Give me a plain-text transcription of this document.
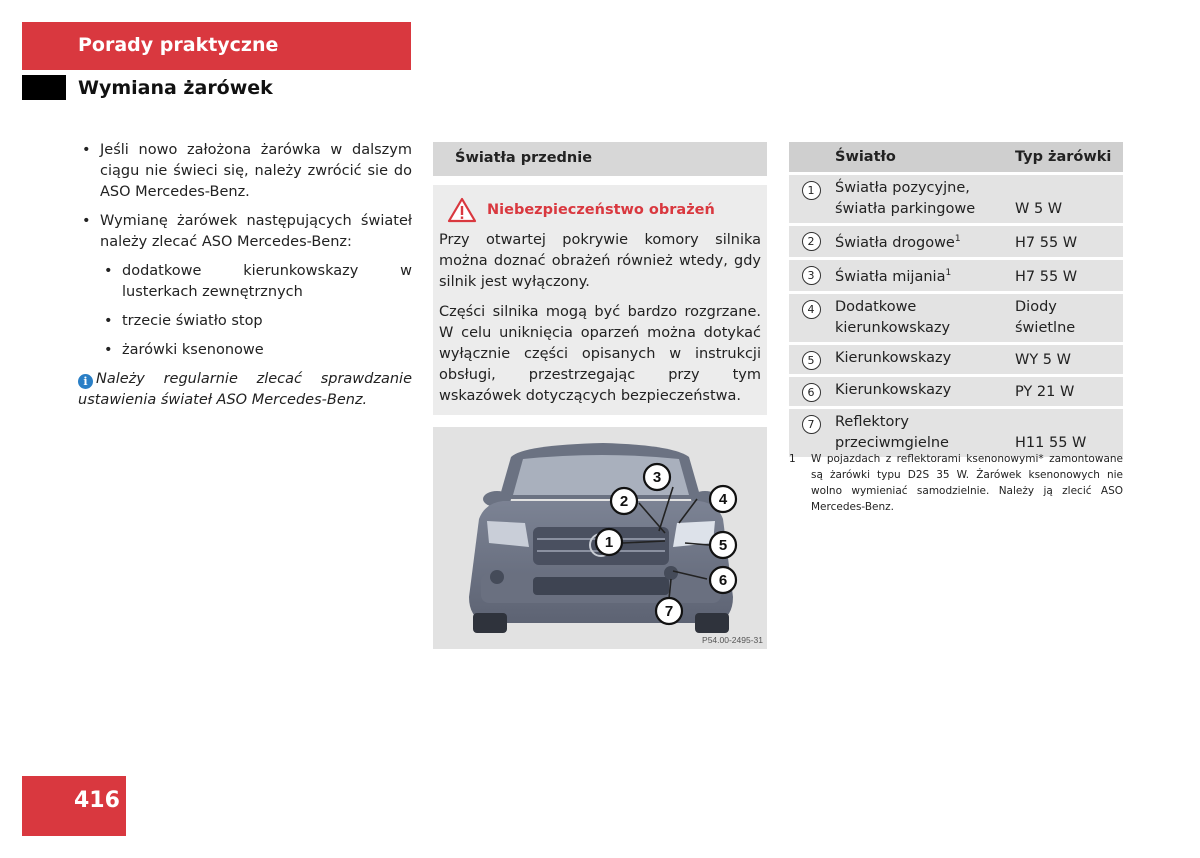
Porady praktyczne
Wymiana żarówek
• Jeśli nowo założona żarówka w dalszym ciągu nie świeci się, należy zwrócić sie do ASO Mercedes-Benz.
• Wymianę żarówek następujących świateł należy zlecać ASO Mercedes-Benz:
• dodatkowe kierunkowskazy w lusterkach zewnętrznych
• trzecie światło stop
• żarówki ksenonowe
i Należy regularnie zlecać sprawdzanie ustawienia świateł ASO Mercedes-Benz.
Światła przednie
Niebezpieczeństwo obrażeń

Przy otwartej pokrywie komory silnika można doznać obrażeń również wtedy, gdy silnik jest wyłączony.

Części silnika mogą być bardzo rozgrzane. W celu uniknięcia oparzeń można dotykać wyłącznie części opisanych w instrukcji obsługi, przestrzegając przy tym wskazówek dotyczących bezpieczeństwa.

3
2	4
1	5
6
7
P54.00-2495-31
	Światło	Typ żarówki
1	Światła pozycyjne, światła parkingowe	W 5 W
2	Światła drogowe$^1$	H7 55 W
3	Światła mijania$^1$	H7 55 W
4	Dodatkowe kierunkowskazy	Diody świetlne
5	Kierunkowskazy	WY 5 W
6	Kierunkowskazy	PY 21 W
7	Reflektory przeciwmgielne	H11 55 W
1 W pojazdach z reflektorami ksenonowymi* zamontowane są żarówki typu D2S 35 W. Żarówek ksenonowych nie wolno wymieniać samodzielnie. Należy ją zlecić ASO Mercedes-Benz.
416
